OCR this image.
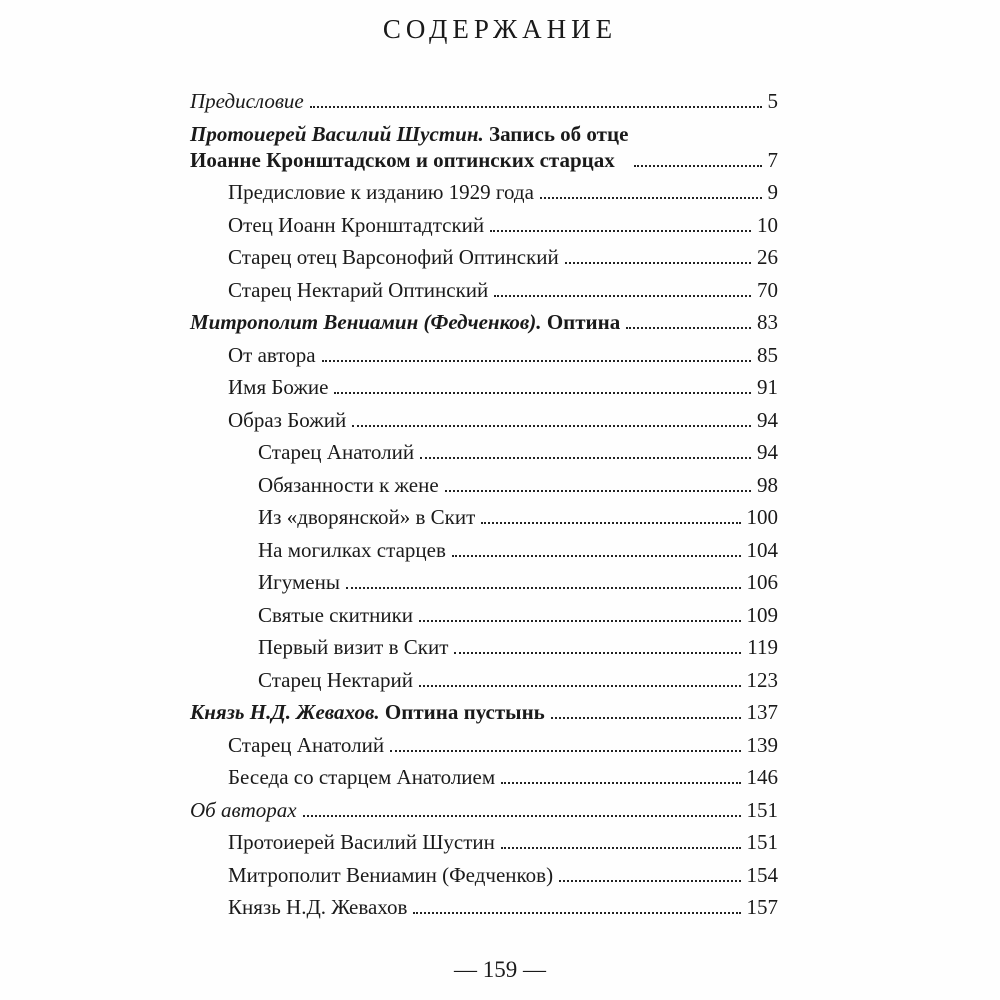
СОДЕРЖАНИЕ
Предисловие	5
Протоиерей Василий Шустин. Запись об отце
Иоанне Кронштадском и оптинских старцах	7
Предисловие к изданию 1929 года	9
Отец Иоанн Кронштадтский	10
Старец отец Варсонофий Оптинский	26
Старец Нектарий Оптинский	70
Митрополит Вениамин (Федченков). Оптина	83
От автора	85
Имя Божие	91
Образ Божий	94
Старец Анатолий	94
Обязанности к жене	98
Из «дворянской» в Скит	100
На могилках старцев	104
Игумены	106
Святые скитники	109
Первый визит в Скит	119
Старец Нектарий	123
Князь Н.Д. Жевахов. Оптина пустынь	137
Старец Анатолий	139
Беседа со старцем Анатолием	146
Об авторах	151
Протоиерей Василий Шустин	151
Митрополит Вениамин (Федченков)	154
Князь Н.Д. Жевахов	157
— 159 —
